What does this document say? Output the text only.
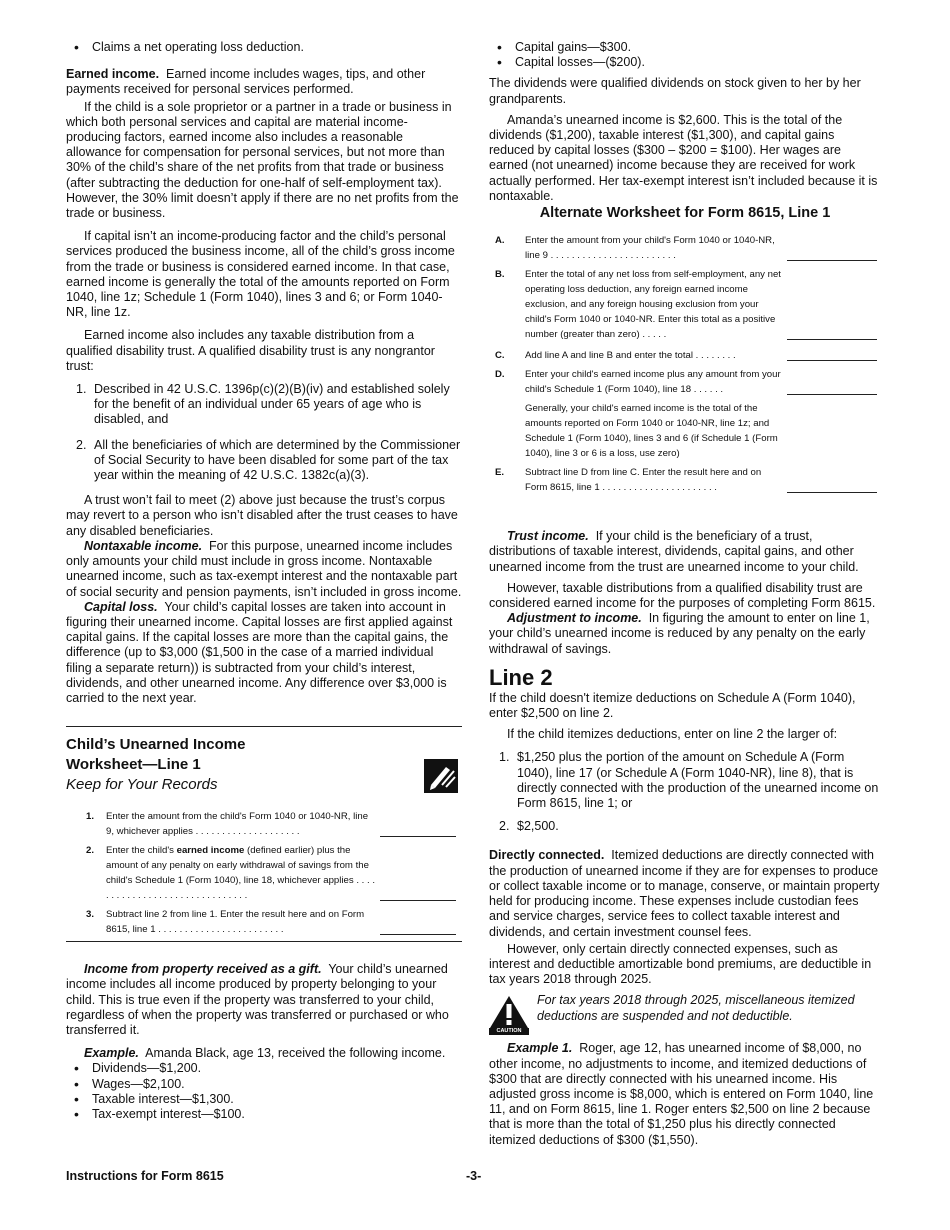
• Claims a net operating loss deduction.

Earned income. Earned income includes wages, tips, and other payments received for personal services performed.

If the child is a sole proprietor or a partner in a trade or business in which both personal services and capital are material income-producing factors, earned income also includes a reasonable allowance for compensation for personal services, but not more than 30% of the child’s share of the net profits from that trade or business (after subtracting the deduction for one-half of self-employment tax). However, the 30% limit doesn’t apply if there are no net profits from the trade or business.

If capital isn’t an income-producing factor and the child’s personal services produced the business income, all of the child’s gross income from the trade or business is considered earned income. In that case, earned income is generally the total of the amounts reported on Form 1040, line 1z; Schedule 1 (Form 1040), lines 3 and 6; or Form 1040-NR, line 1z.

Earned income also includes any taxable distribution from a qualified disability trust. A qualified disability trust is any nongrantor trust:

1. Described in 42 U.S.C. 1396p(c)(2)(B)(iv) and established solely for the benefit of an individual under 65 years of age who is disabled, and
2. All the beneficiaries of which are determined by the Commissioner of Social Security to have been disabled for some part of the tax year within the meaning of 42 U.S.C. 1382c(a)(3).

A trust won’t fail to meet (2) above just because the trust’s corpus may revert to a person who isn’t disabled after the trust ceases to have any disabled beneficiaries.

Nontaxable income. For this purpose, unearned income includes only amounts your child must include in gross income. Nontaxable unearned income, such as tax-exempt interest and the nontaxable part of social security and pension payments, isn’t included in gross income.

Capital loss. Your child’s capital losses are taken into account in figuring their unearned income. Capital losses are first applied against capital gains. If the capital losses are more than the capital gains, the difference (up to $3,000 ($1,500 in the case of a married individual filing a separate return)) is subtracted from your child’s interest, dividends, and other unearned income. Any difference over $3,000 is carried to the next year.

Child’s Unearned Income
Worksheet—Line 1
Keep for Your Records
1. Enter the amount from the child's Form 1040 or 1040-NR, line 9, whichever applies . . . . . . . . . . . . . . . . . . . .
2. Enter the child's earned income (defined earlier) plus the amount of any penalty on early withdrawal of savings from the child's Schedule 1 (Form 1040), line 18, whichever applies . . . . . . . . . . . . . . . . . . . . . . . . . . . . . . .
3. Subtract line 2 from line 1. Enter the result here and on Form 8615, line 1 . . . . . . . . . . . . . . . . . . . . . . . .

Income from property received as a gift. Your child’s unearned income includes all income produced by property belonging to your child. This is true even if the property was transferred to your child, regardless of when the property was transferred or purchased or who transferred it.

Example. Amanda Black, age 13, received the following income.

• Dividends—$1,200.
• Wages—$2,100.
• Taxable interest—$1,300.
• Tax-exempt interest—$100.
• Capital gains—$300.
• Capital losses—($200).

The dividends were qualified dividends on stock given to her by her grandparents.

Amanda’s unearned income is $2,600. This is the total of the dividends ($1,200), taxable interest ($1,300), and capital gains reduced by capital losses ($300 – $200 = $100). Her wages are earned (not unearned) income because they are received for work actually performed. Her tax-exempt interest isn’t included because it is nontaxable.

Alternate Worksheet for Form 8615, Line 1
A. Enter the amount from your child's Form 1040 or 1040-NR, line 9 . . . . . . . . . . . . . . . . . . . . . . . .
B. Enter the total of any net loss from self-employment, any net operating loss deduction, any foreign earned income exclusion, and any foreign housing exclusion from your child's Form 1040 or 1040-NR. Enter this total as a positive number (greater than zero) . . . . .
C. Add line A and line B and enter the total . . . . . . . .
D. Enter your child's earned income plus any amount from your child's Schedule 1 (Form 1040), line 18 . . . . . .
Generally, your child's earned income is the total of the amounts reported on Form 1040 or 1040-NR, line 1z; and Schedule 1 (Form 1040), lines 3 and 6 (if Schedule 1 (Form 1040), line 3 or 6 is a loss, use zero)
E. Subtract line D from line C. Enter the result here and on Form 8615, line 1 . . . . . . . . . . . . . . . . . . . . . .

Trust income. If your child is the beneficiary of a trust, distributions of taxable interest, dividends, capital gains, and other unearned income from the trust are unearned income to your child.

However, taxable distributions from a qualified disability trust are considered earned income for the purposes of completing Form 8615.

Adjustment to income. In figuring the amount to enter on line 1, your child’s unearned income is reduced by any penalty on the early withdrawal of savings.

Line 2

If the child doesn't itemize deductions on Schedule A (Form 1040), enter $2,500 on line 2.

If the child itemizes deductions, enter on line 2 the larger of:

1. $1,250 plus the portion of the amount on Schedule A (Form 1040), line 17 (or Schedule A (Form 1040-NR), line 8), that is directly connected with the production of the unearned income on Form 8615, line 1; or
2. $2,500.

Directly connected. Itemized deductions are directly connected with the production of unearned income if they are for expenses to produce or collect taxable income or to manage, conserve, or maintain property held for producing income. These expenses include custodian fees and service charges, service fees to collect taxable interest and dividends, and certain investment counsel fees.

However, only certain directly connected expenses, such as interest and deductible amortizable bond premiums, are deductible in tax years 2018 through 2025.

CAUTION

For tax years 2018 through 2025, miscellaneous itemized deductions are suspended and not deductible.

Example 1. Roger, age 12, has unearned income of $8,000, no other income, no adjustments to income, and itemized deductions of $300 that are directly connected with his unearned income. His adjusted gross income is $8,000, which is entered on Form 1040, line 11, and on Form 8615, line 1. Roger enters $2,500 on line 2 because that is more than the total of $1,250 plus his directly connected itemized deductions of $300 ($1,550).

Instructions for Form 8615	-3-
